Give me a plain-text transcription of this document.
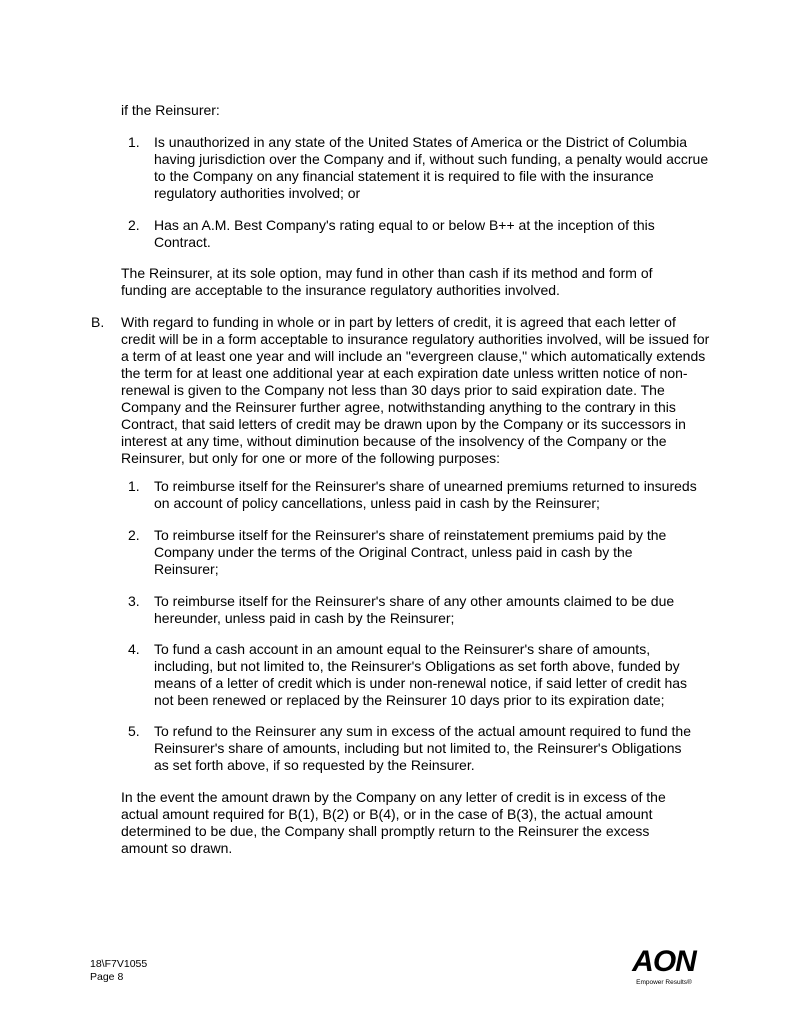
if the Reinsurer:

1. Is unauthorized in any state of the United States of America or the District of Columbia having jurisdiction over the Company and if, without such funding, a penalty would accrue to the Company on any financial statement it is required to file with the insurance regulatory authorities involved; or

2. Has an A.M. Best Company's rating equal to or below B++ at the inception of this Contract.

The Reinsurer, at its sole option, may fund in other than cash if its method and form of funding are acceptable to the insurance regulatory authorities involved.

B. With regard to funding in whole or in part by letters of credit, it is agreed that each letter of credit will be in a form acceptable to insurance regulatory authorities involved, will be issued for a term of at least one year and will include an "evergreen clause," which automatically extends the term for at least one additional year at each expiration date unless written notice of non-renewal is given to the Company not less than 30 days prior to said expiration date. The Company and the Reinsurer further agree, notwithstanding anything to the contrary in this Contract, that said letters of credit may be drawn upon by the Company or its successors in interest at any time, without diminution because of the insolvency of the Company or the Reinsurer, but only for one or more of the following purposes:

1. To reimburse itself for the Reinsurer's share of unearned premiums returned to insureds on account of policy cancellations, unless paid in cash by the Reinsurer;

2. To reimburse itself for the Reinsurer's share of reinstatement premiums paid by the Company under the terms of the Original Contract, unless paid in cash by the Reinsurer;

3. To reimburse itself for the Reinsurer's share of any other amounts claimed to be due hereunder, unless paid in cash by the Reinsurer;

4. To fund a cash account in an amount equal to the Reinsurer's share of amounts, including, but not limited to, the Reinsurer's Obligations as set forth above, funded by means of a letter of credit which is under non-renewal notice, if said letter of credit has not been renewed or replaced by the Reinsurer 10 days prior to its expiration date;

5. To refund to the Reinsurer any sum in excess of the actual amount required to fund the Reinsurer's share of amounts, including but not limited to, the Reinsurer's Obligations as set forth above, if so requested by the Reinsurer.

In the event the amount drawn by the Company on any letter of credit is in excess of the actual amount required for B(1), B(2) or B(4), or in the case of B(3), the actual amount determined to be due, the Company shall promptly return to the Reinsurer the excess amount so drawn.

18\F7V1055
Page 8	AON
Empower Results®
